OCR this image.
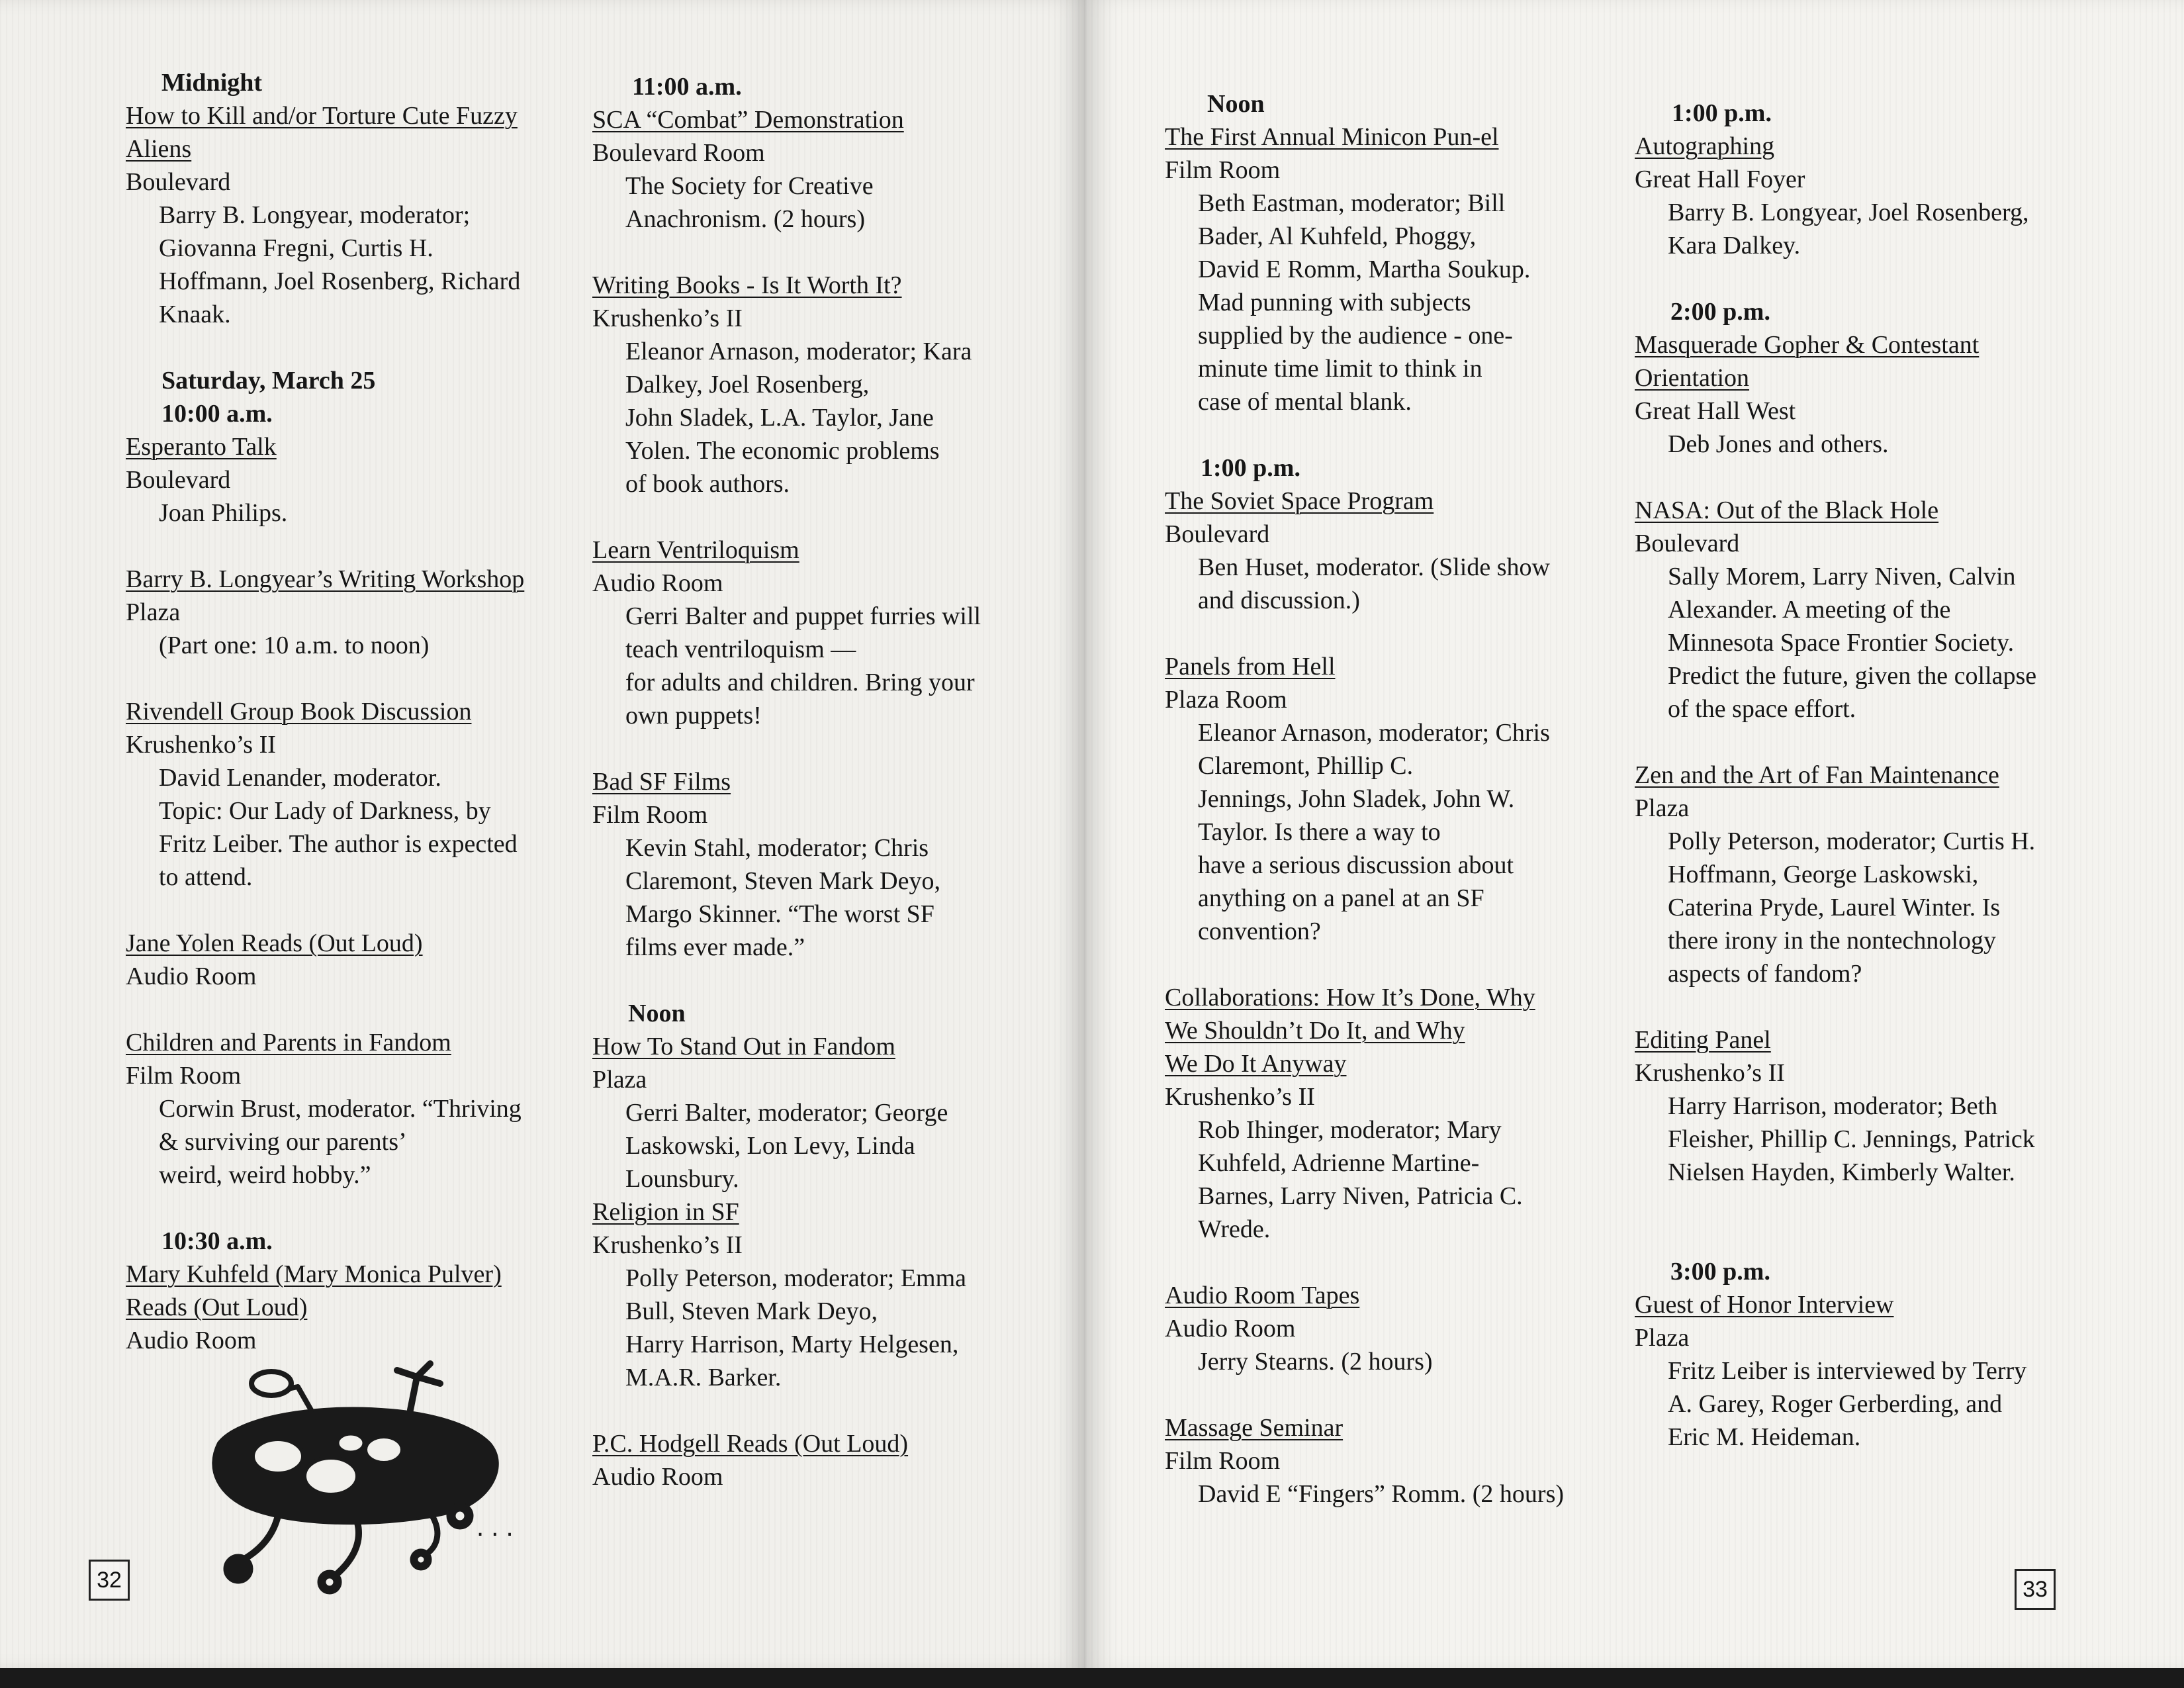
Midnight
How to Kill and/or Torture Cute Fuzzy
Aliens
Boulevard
Barry B. Longyear, moderator;
Giovanna Fregni, Curtis H.
Hoffmann, Joel Rosenberg, Richard
Knaak.
Saturday, March 25
10:00 a.m.
Esperanto Talk
Boulevard
Joan Philips.
Barry B. Longyear’s Writing Workshop
Plaza
(Part one: 10 a.m. to noon)
Rivendell Group Book Discussion
Krushenko’s II
David Lenander, moderator.
Topic: Our Lady of Darkness, by
Fritz Leiber. The author is expected
to attend.
Jane Yolen Reads (Out Loud)
Audio Room
Children and Parents in Fandom
Film Room
Corwin Brust, moderator. “Thriving
& surviving our parents’
weird, weird hobby.”
10:30 a.m.
Mary Kuhfeld (Mary Monica Pulver)
Reads (Out Loud)
Audio Room
11:00 a.m.
SCA “Combat” Demonstration
Boulevard Room
The Society for Creative
Anachronism. (2 hours)
Writing Books - Is It Worth It?
Krushenko’s II
Eleanor Arnason, moderator; Kara
Dalkey, Joel Rosenberg,
John Sladek, L.A. Taylor, Jane
Yolen. The economic problems
of book authors.
Learn Ventriloquism
Audio Room
Gerri Balter and puppet furries will
teach ventriloquism —
for adults and children. Bring your
own puppets!
Bad SF Films
Film Room
Kevin Stahl, moderator; Chris
Claremont, Steven Mark Deyo,
Margo Skinner. “The worst SF
films ever made.”
Noon
How To Stand Out in Fandom
Plaza
Gerri Balter, moderator; George
Laskowski, Lon Levy, Linda
Lounsbury.
Religion in SF
Krushenko’s II
Polly Peterson, moderator; Emma
Bull, Steven Mark Deyo,
Harry Harrison, Marty Helgesen,
M.A.R. Barker.
P.C. Hodgell Reads (Out Loud)
Audio Room
. . .
32
Noon
The First Annual Minicon Pun-el
Film Room
Beth Eastman, moderator; Bill
Bader, Al Kuhfeld, Phoggy,
David E Romm, Martha Soukup.
Mad punning with subjects
supplied by the audience - one-
minute time limit to think in
case of mental blank.
1:00 p.m.
The Soviet Space Program
Boulevard
Ben Huset, moderator. (Slide show
and discussion.)
Panels from Hell
Plaza Room
Eleanor Arnason, moderator; Chris
Claremont, Phillip C.
Jennings, John Sladek, John W.
Taylor. Is there a way to
have a serious discussion about
anything on a panel at an SF
convention?
Collaborations: How It’s Done, Why
We Shouldn’t Do It, and Why
We Do It Anyway
Krushenko’s II
Rob Ihinger, moderator; Mary
Kuhfeld, Adrienne Martine-
Barnes, Larry Niven, Patricia C.
Wrede.
Audio Room Tapes
Audio Room
Jerry Stearns. (2 hours)
Massage Seminar
Film Room
David E “Fingers” Romm. (2 hours)
1:00 p.m.
Autographing
Great Hall Foyer
Barry B. Longyear, Joel Rosenberg,
Kara Dalkey.
2:00 p.m.
Masquerade Gopher & Contestant
Orientation
Great Hall West
Deb Jones and others.
NASA: Out of the Black Hole
Boulevard
Sally Morem, Larry Niven, Calvin
Alexander. A meeting of the
Minnesota Space Frontier Society.
Predict the future, given the collapse
of the space effort.
Zen and the Art of Fan Maintenance
Plaza
Polly Peterson, moderator; Curtis H.
Hoffmann, George Laskowski,
Caterina Pryde, Laurel Winter. Is
there irony in the nontechnology
aspects of fandom?
Editing Panel
Krushenko’s II
Harry Harrison, moderator; Beth
Fleisher, Phillip C. Jennings, Patrick
Nielsen Hayden, Kimberly Walter.
3:00 p.m.
Guest of Honor Interview
Plaza
Fritz Leiber is interviewed by Terry
A. Garey, Roger Gerberding, and
Eric M. Heideman.
33
